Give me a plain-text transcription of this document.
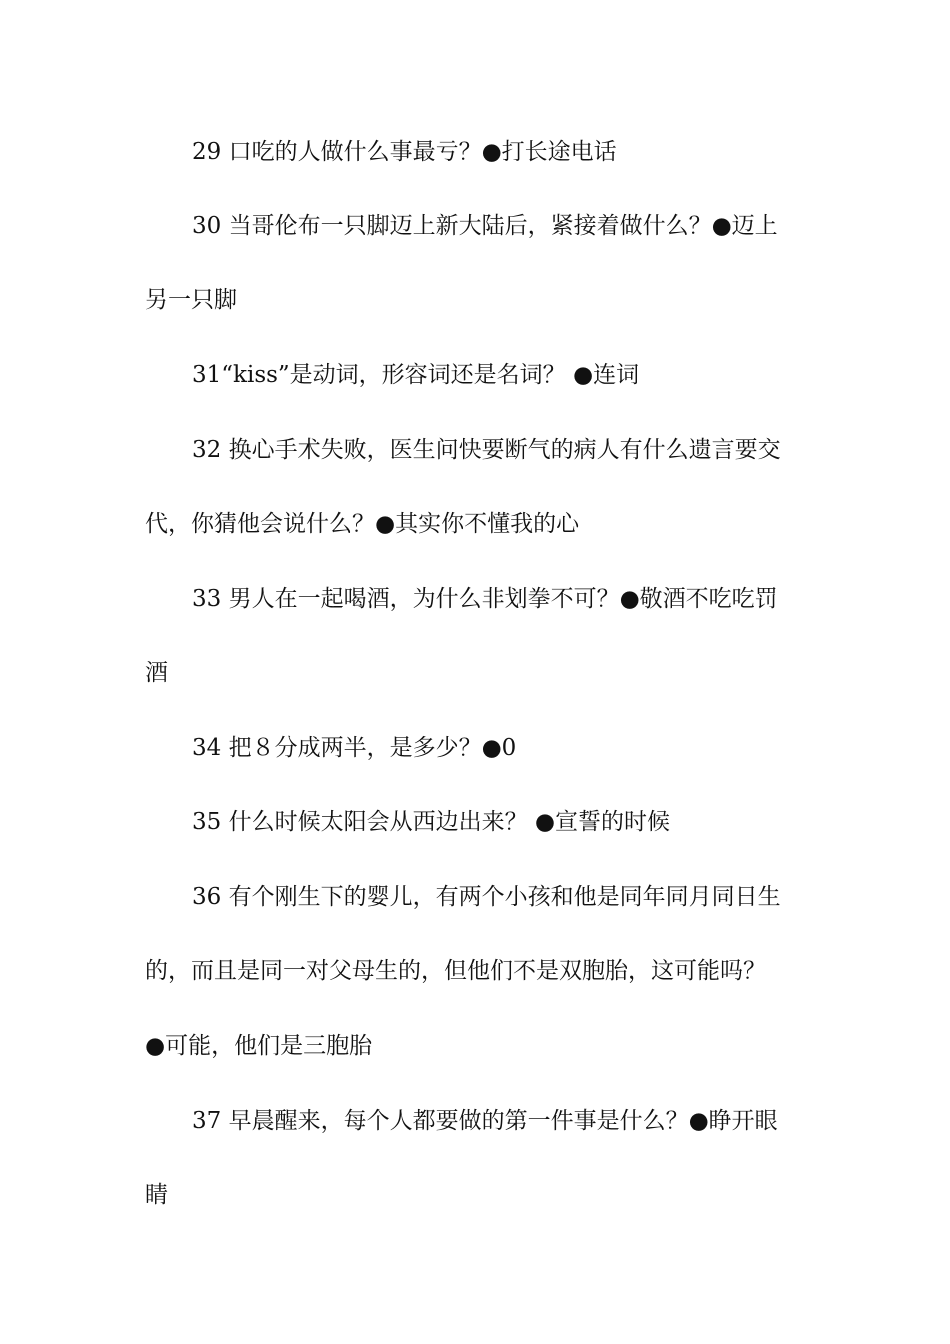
29 口吃的人做什么事最亏？●打长途电话
30 当哥伦布一只脚迈上新大陆后，紧接着做什么？●迈上
另一只脚
31“kiss”是动词，形容词还是名词？ ●连词
32 换心手术失败，医生问快要断气的病人有什么遗言要交
代，你猜他会说什么？●其实你不懂我的心
33 男人在一起喝酒，为什么非划拳不可？●敬酒不吃吃罚
酒
34 把８分成两半，是多少？●0
35 什么时候太阳会从西边出来？ ●宣誓的时候
36 有个刚生下的婴儿，有两个小孩和他是同年同月同日生
的，而且是同一对父母生的，但他们不是双胞胎，这可能吗？
●可能，他们是三胞胎
37 早晨醒来，每个人都要做的第一件事是什么？●睁开眼
睛
